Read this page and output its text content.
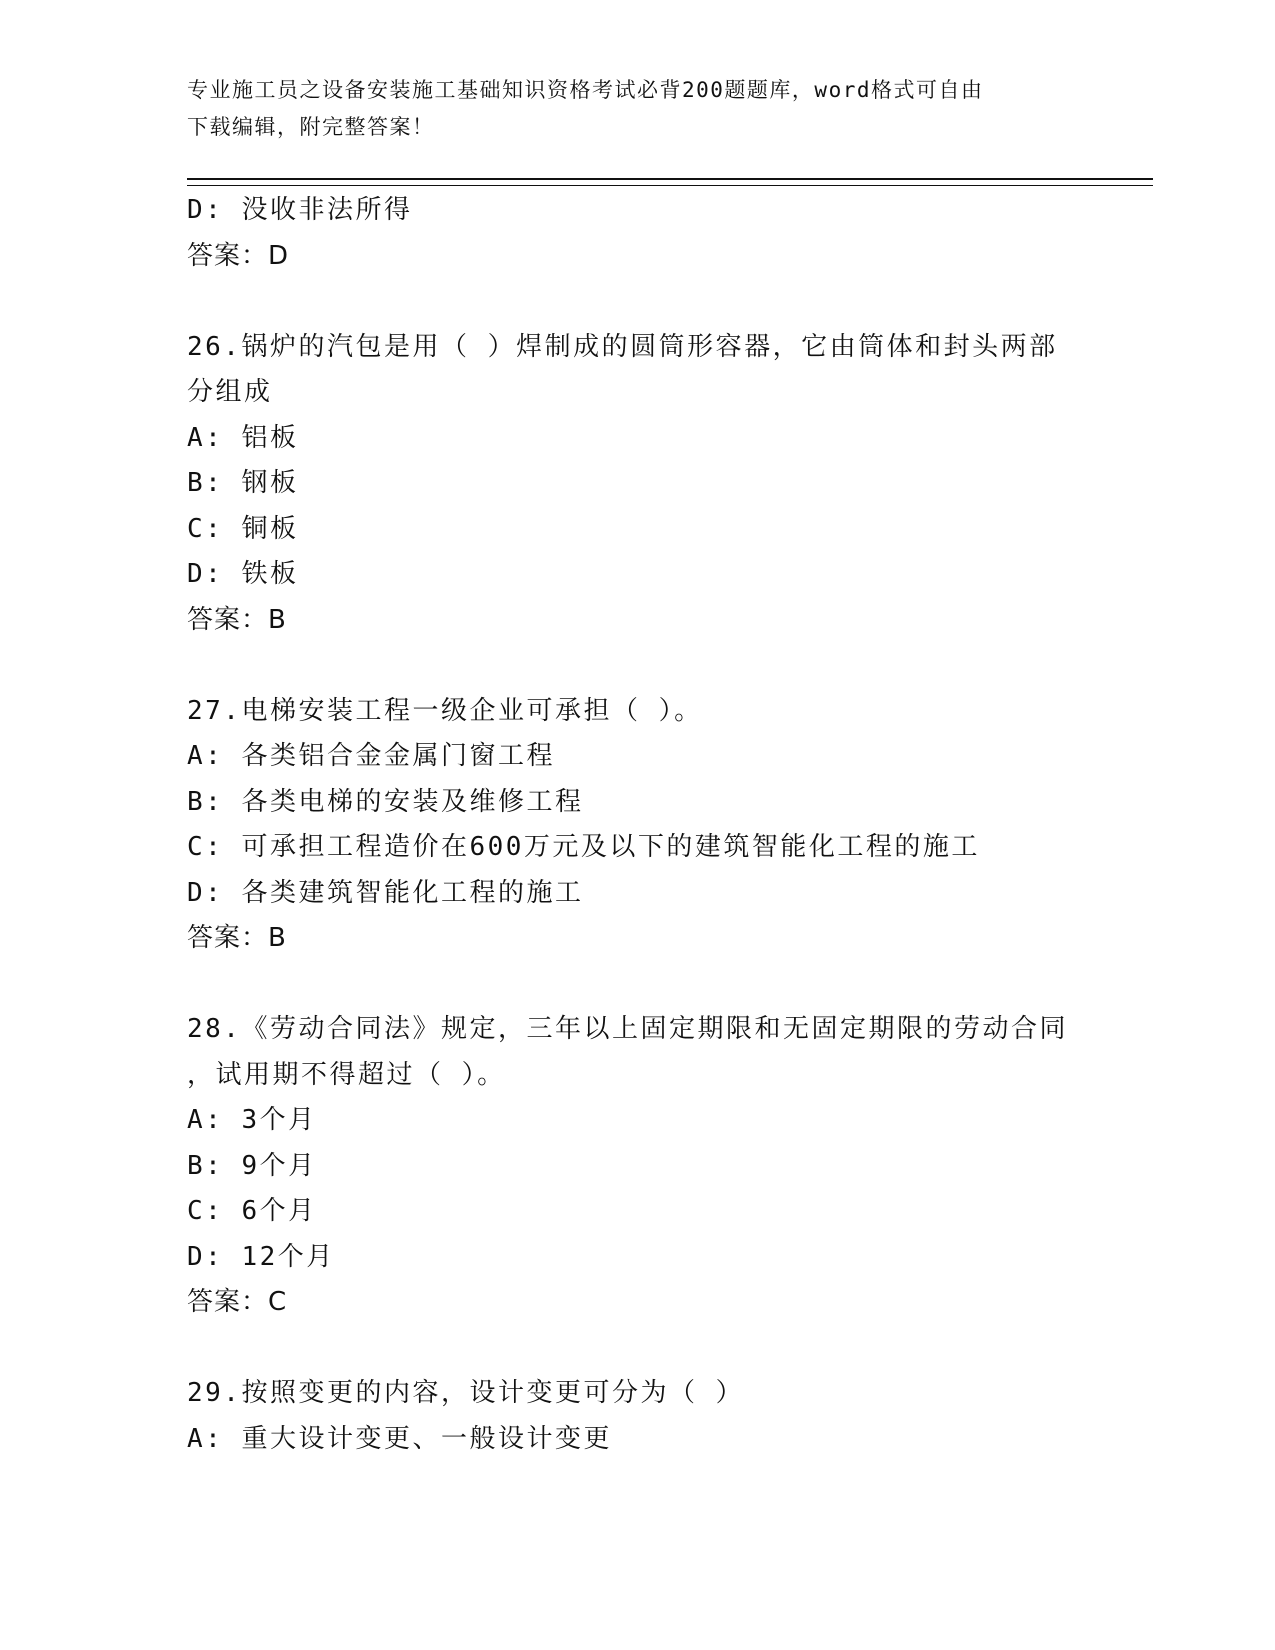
专业施工员之设备安装施工基础知识资格考试必背200题题库，word格式可自由
下载编辑，附完整答案！
D: 没收非法所得
答案：D
26.锅炉的汽包是用（ ）焊制成的圆筒形容器，它由筒体和封头两部
分组成
A: 铝板
B: 钢板
C: 铜板
D: 铁板
答案：B
27.电梯安装工程一级企业可承担（ ）。
A: 各类铝合金金属门窗工程
B: 各类电梯的安装及维修工程
C: 可承担工程造价在600万元及以下的建筑智能化工程的施工
D: 各类建筑智能化工程的施工
答案：B
28.《劳动合同法》规定，三年以上固定期限和无固定期限的劳动合同
，试用期不得超过（ ）。
A: 3个月
B: 9个月
C: 6个月
D: 12个月
答案：C
29.按照变更的内容，设计变更可分为（ ）
A: 重大设计变更、一般设计变更
